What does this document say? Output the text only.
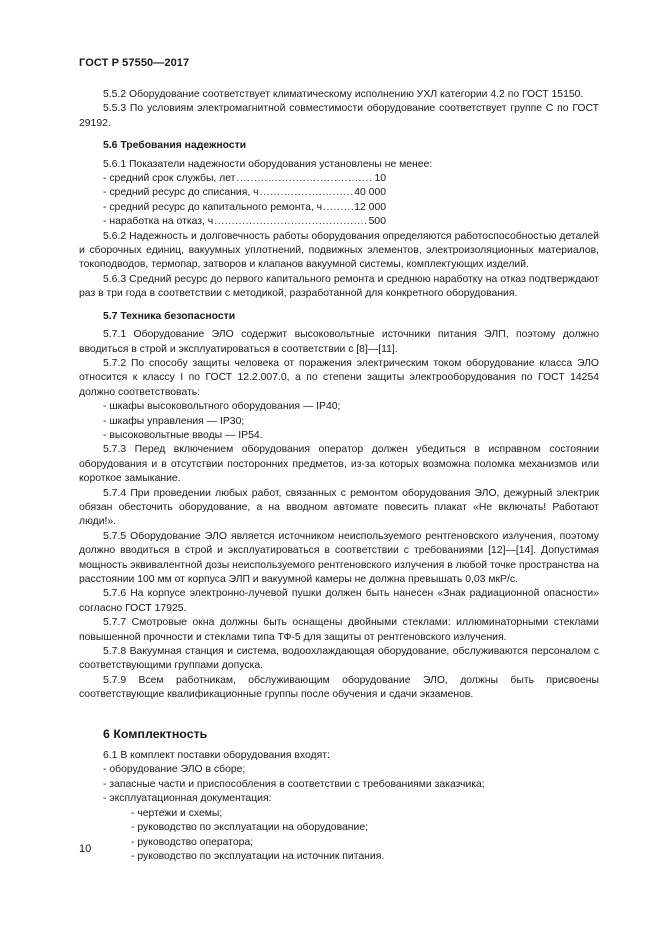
ГОСТ Р 57550—2017

5.5.2 Оборудование соответствует климатическому исполнению УХЛ категории 4.2 по ГОСТ 15150.

5.5.3 По условиям электромагнитной совместимости оборудование соответствует группе С по ГОСТ 29192.

5.6 Требования надежности

5.6.1 Показатели надежности оборудования установлены не менее:

- средний срок службы, лет .....	10
- средний ресурс до списания, ч .....	40 000
- средний ресурс до капитального ремонта, ч .....	12 000
- наработка на отказ, ч .....	500

5.6.2 Надежность и долговечность работы оборудования определяются работоспособностью деталей и сборочных единиц, вакуумных уплотнений, подвижных элементов, электроизоляционных материалов, токоподводов, термопар, затворов и клапанов вакуумной системы, комплектующих изделий.

5.6.3 Средний ресурс до первого капитального ремонта и среднюю наработку на отказ подтверждают раз в три года в соответствии с методикой, разработанной для конкретного оборудования.

5.7 Техника безопасности

5.7.1 Оборудование ЭЛО содержит высоковольтные источники питания ЭЛП, поэтому должно вводиться в строй и эксплуатироваться в соответствии с [8]—[11].

5.7.2 По способу защиты человека от поражения электрическим током оборудование класса ЭЛО относится к классу I по ГОСТ 12.2.007.0, а по степени защиты электрооборудования по ГОСТ 14254 должно соответствовать:

- шкафы высоковольтного оборудования — IP40;

- шкафы управления — IP30;

- высоковольтные вводы — IP54.

5.7.3 Перед включением оборудования оператор должен убедиться в исправном состоянии оборудования и в отсутствии посторонних предметов, из-за которых возможна поломка механизмов или короткое замыкание.

5.7.4 При проведении любых работ, связанных с ремонтом оборудования ЭЛО, дежурный электрик обязан обесточить оборудование, а на вводном автомате повесить плакат «Не включать! Работают люди!».

5.7.5 Оборудование ЭЛО является источником неиспользуемого рентгеновского излучения, поэтому должно вводиться в строй и эксплуатироваться в соответствии с требованиями [12]—[14]. Допустимая мощность эквивалентной дозы неиспользуемого рентгеновского излучения в любой точке пространства на расстоянии 100 мм от корпуса ЭЛП и вакуумной камеры не должна превышать 0,03 мкР/с.

5.7.6 На корпусе электронно-лучевой пушки должен быть нанесен «Знак радиационной опасности» согласно ГОСТ 17925.

5.7.7 Смотровые окна должны быть оснащены двойными стеклами: иллюминаторными стеклами повышенной прочности и стеклами типа ТФ-5 для защиты от рентгеновского излучения.

5.7.8 Вакуумная станция и система, водоохлаждающая оборудование, обслуживаются персоналом с соответствующими группами допуска.

5.7.9 Всем работникам, обслуживающим оборудование ЭЛО, должны быть присвоены соответствующие квалификационные группы после обучения и сдачи экзаменов.

6 Комплектность

6.1 В комплект поставки оборудования входят:

- оборудование ЭЛО в сборе;

- запасные части и приспособления в соответствии с требованиями заказчика;

- эксплуатационная документация:

- чертежи и схемы;

- руководство по эксплуатации на оборудование;

- руководство оператора;

- руководство по эксплуатации на источник питания.

10
